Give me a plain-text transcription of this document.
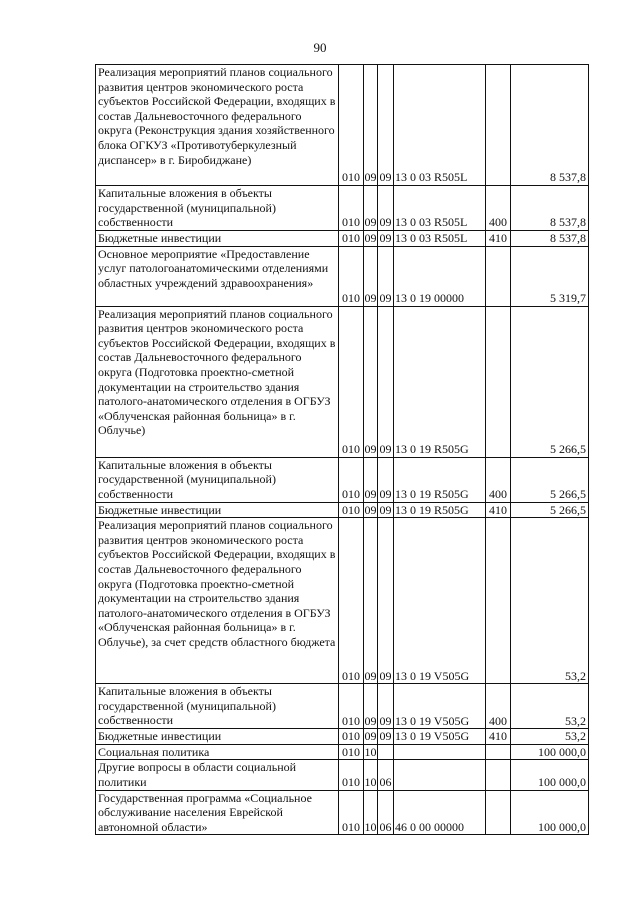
90
Реализация мероприятий планов социального развития центров экономического роста субъектов Российской Федерации, входящих в состав Дальневосточного федерального округа (Реконструкция здания хозяйственного блока ОГКУЗ «Противотуберкулезный диспансер» в г. Биробиджане)	010	09	09	13 0 03 R505L		8 537,8
Капитальные вложения в объекты государственной (муниципальной) собственности	010	09	09	13 0 03 R505L	400	8 537,8
Бюджетные инвестиции	010	09	09	13 0 03 R505L	410	8 537,8
Основное мероприятие «Предоставление услуг патологоанатомическими отделениями областных учреждений здравоохранения»	010	09	09	13 0 19 00000		5 319,7
Реализация мероприятий планов социального развития центров экономического роста субъектов Российской Федерации, входящих в состав Дальневосточного федерального округа (Подготовка проектно-сметной документации на строительство здания патолого-анатомического отделения в ОГБУЗ «Облученская районная больница» в г. Облучье)	010	09	09	13 0 19 R505G		5 266,5
Капитальные вложения в объекты государственной (муниципальной) собственности	010	09	09	13 0 19 R505G	400	5 266,5
Бюджетные инвестиции	010	09	09	13 0 19 R505G	410	5 266,5
Реализация мероприятий планов социального развития центров экономического роста субъектов Российской Федерации, входящих в состав Дальневосточного федерального округа (Подготовка проектно-сметной документации на строительство здания патолого-анатомического отделения в ОГБУЗ «Облученская районная больница» в г. Облучье), за счет средств областного бюджета	010	09	09	13 0 19 V505G		53,2
Капитальные вложения в объекты государственной (муниципальной) собственности	010	09	09	13 0 19 V505G	400	53,2
Бюджетные инвестиции	010	09	09	13 0 19 V505G	410	53,2
Социальная политика	010	10				100 000,0
Другие вопросы в области социальной политики	010	10	06			100 000,0
Государственная программа «Социальное обслуживание населения Еврейской автономной области»	010	10	06	46 0 00 00000		100 000,0
